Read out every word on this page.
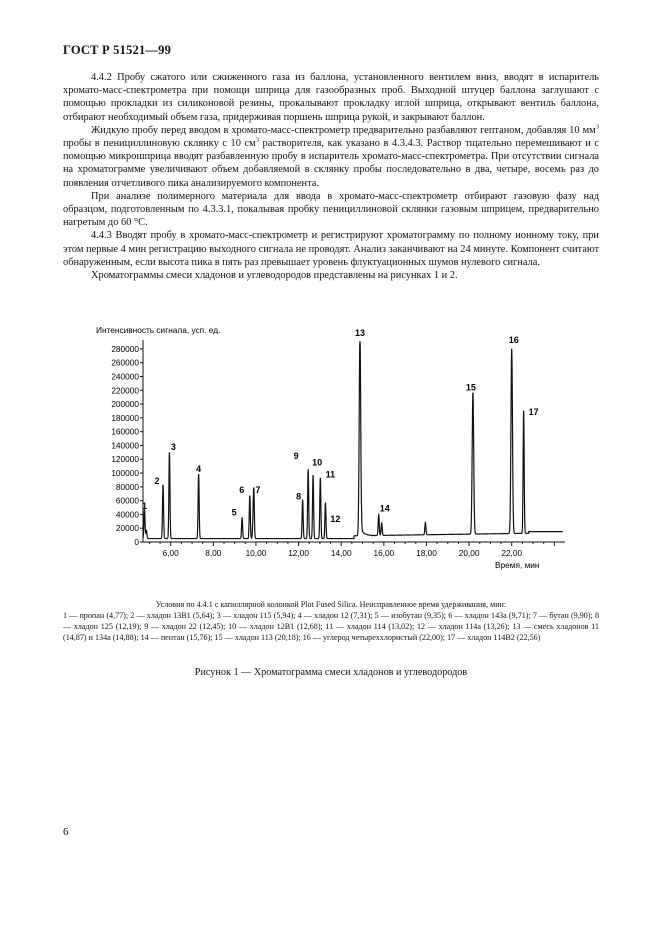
ГОСТ Р 51521—99

4.4.2 Пробу сжатого или сжиженного газа из баллона, установленного вентилем вниз, вводят в испаритель хромато-масс-спектрометра при помощи шприца для газообразных проб. Выходной штуцер баллона заглушают с помощью прокладки из силиконовой резины, прокалывают прокладку иглой шприца, открывают вентиль баллона, отбирают необходимый объем газа, придерживая поршень шприца рукой, и закрывают баллон.

Жидкую пробу перед вводом в хромато-масс-спектрометр предварительно разбавляют гептаном, добавляя 10 $мм^3$ пробы в пенициллиновую склянку с 10 $см^3$ растворителя, как указано в 4.3.4.3. Раствор тщательно перемешивают и с помощью микрошприца вводят разбавленную пробу в испаритель хромато-масс-спектрометра. При отсутствии сигнала на хроматограмме увеличивают объем добавляемой в склянку пробы последовательно в два, четыре, восемь раз до появления отчетливого пика анализируемого компонента.

При анализе полимерного материала для ввода в хромато-масс-спектрометр отбирают газовую фазу над образцом, подготовленным по 4.3.3.1, покалывая пробку пенициллиновой склянки газовым шприцем, предварительно нагретым до 60 °С.

4.4.3 Вводят пробу в хромато-масс-спектрометр и регистрируют хроматограмму по полному ионному току, при этом первые 4 мин регистрацию выходного сигнала не проводят. Анализ заканчивают на 24 минуте. Компонент считают обнаруженным, если высота пика в пять раз превышает уровень флуктуационных шумов нулевого сигнала.

Хроматограммы смеси хладонов и углеводородов представлены на рисунках 1 и 2.

Интенсивность сигнала, усп. ед.
0
20000
40000
60000
80000
100000
120000
140000
160000
180000
200000
220000
240000
260000
280000
6,00	8,00	10,00	12,00	14,00	16,00	18,00	20,00	22,00
1
2
3
4
5
6 7
8
9
10
11
12
13
14
15
16
17
Время, мин
Условия по 4.4.1 с капиллярной колонкой Plot Fused Silica. Неисправленное время удерживания, мин:
1 — пропан (4,77); 2 — хладон 13В1 (5,64); 3 — хладон 115 (5,94); 4 — хладон 12 (7,31); 5 — изобутан (9,35); 6 — хладон 143а (9,71); 7 — бутан (9,90); 8 — хладон 125 (12,19); 9 — хладон 22 (12,45); 10 — хладон 12В1 (12,68); 11 — хладон 114 (13,02); 12 — хладон 114а (13,26); 13 — смесь хладонов 11 (14,87) и 134а (14,88); 14 — пентан (15,76); 15 — хладон 113 (20,18); 16 — углерод четыреххлористый (22,00); 17 — хладон 114В2 (22,56)
Рисунок 1 — Хроматограмма смеси хладонов и углеводородов
6
